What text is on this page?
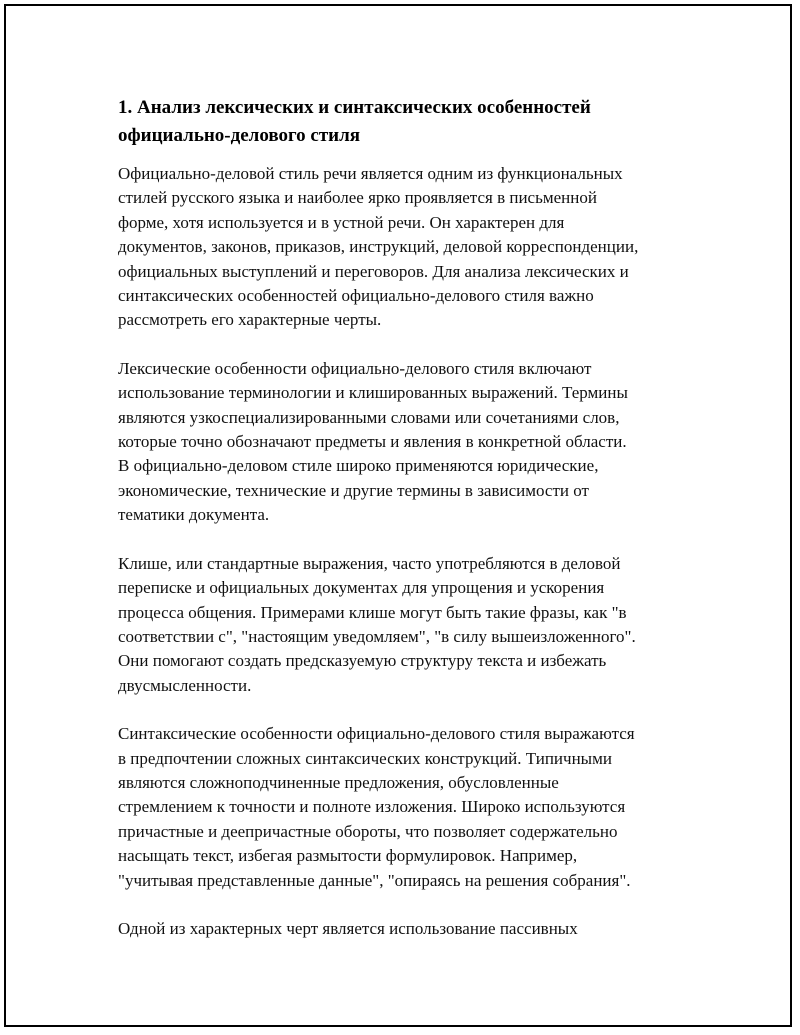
1. Анализ лексических и синтаксических особенностей
официально-делового стиля

Официально-деловой стиль речи является одним из функциональных
стилей русского языка и наиболее ярко проявляется в письменной
форме, хотя используется и в устной речи. Он характерен для
документов, законов, приказов, инструкций, деловой корреспонденции,
официальных выступлений и переговоров. Для анализа лексических и
синтаксических особенностей официально-делового стиля важно
рассмотреть его характерные черты.

Лексические особенности официально-делового стиля включают
использование терминологии и клишированных выражений. Термины
являются узкоспециализированными словами или сочетаниями слов,
которые точно обозначают предметы и явления в конкретной области.
В официально-деловом стиле широко применяются юридические,
экономические, технические и другие термины в зависимости от
тематики документа.

Клише, или стандартные выражения, часто употребляются в деловой
переписке и официальных документах для упрощения и ускорения
процесса общения. Примерами клише могут быть такие фразы, как "в
соответствии с", "настоящим уведомляем", "в силу вышеизложенного".
Они помогают создать предсказуемую структуру текста и избежать
двусмысленности.

Синтаксические особенности официально-делового стиля выражаются
в предпочтении сложных синтаксических конструкций. Типичными
являются сложноподчиненные предложения, обусловленные
стремлением к точности и полноте изложения. Широко используются
причастные и деепричастные обороты, что позволяет содержательно
насыщать текст, избегая размытости формулировок. Например,
"учитывая представленные данные", "опираясь на решения собрания".

Одной из характерных черт является использование пассивных
